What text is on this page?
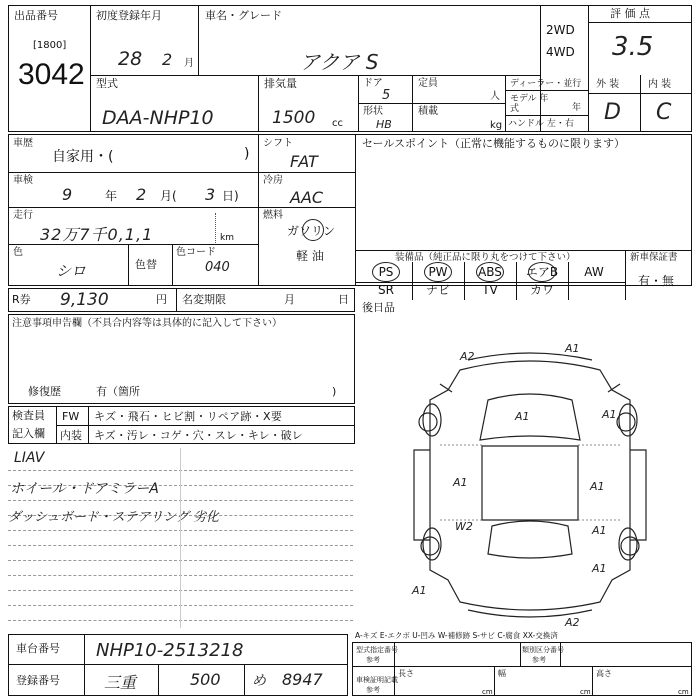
出品番号
[1800]
3042
初度登録年月
28 2 月
車名・グレード
アクア S
2WD
4WD
評 価 点
3.5
型式
DAA-NHP10
排気量
1500 cc
ドア
5
形状
HB
定員
人
積載
kg
ディーラー・並行
モデル 年式	年
ハンドル 左・右
外 装	内 装
D C
車歴
自家用・(	)
車検
9	年 2 月( 3 日)
走行
32万7千0,1,1	km
色
シロ	色替
色コード
040
シフト
FAT
冷房
AAC
燃料
ガソリン
軽 油
セールスポイント（正常に機能するものに限ります）
装備品（純正品に限り丸をつけて下さい）	新車保証書
有・無
PS	PW	ABS	エアB	AW
SR	ナビ	TV	カワ
R券 9,130	円 名変期限	月	日
後日品
注意事項申告欄（不具合内容等は具体的に記入して下さい）
修復歴	有（箇所	)
検査員
記入欄
FW キズ・飛石・ヒビ割・リペア跡・X要
内装 キズ・汚レ・コゲ・穴・スレ・キレ・破レ
LIAV
ホイール・ドアミラーA
ダッシュボード・ステアリング 劣化
A2
A1
A1	A1
A1	A1
W2	A1
A1
A1
A2
A-キズ E-エクボ U-凹み W-補修跡 S-サビ C-腐食 XX-交換済
車台番号 NHP10-2513218
登録番号	三重	500 め 8947
型式指定番号
参考
類別区分番号
参考
車検証明記載
参考
長さ
cm
幅
cm
高さ
cm
